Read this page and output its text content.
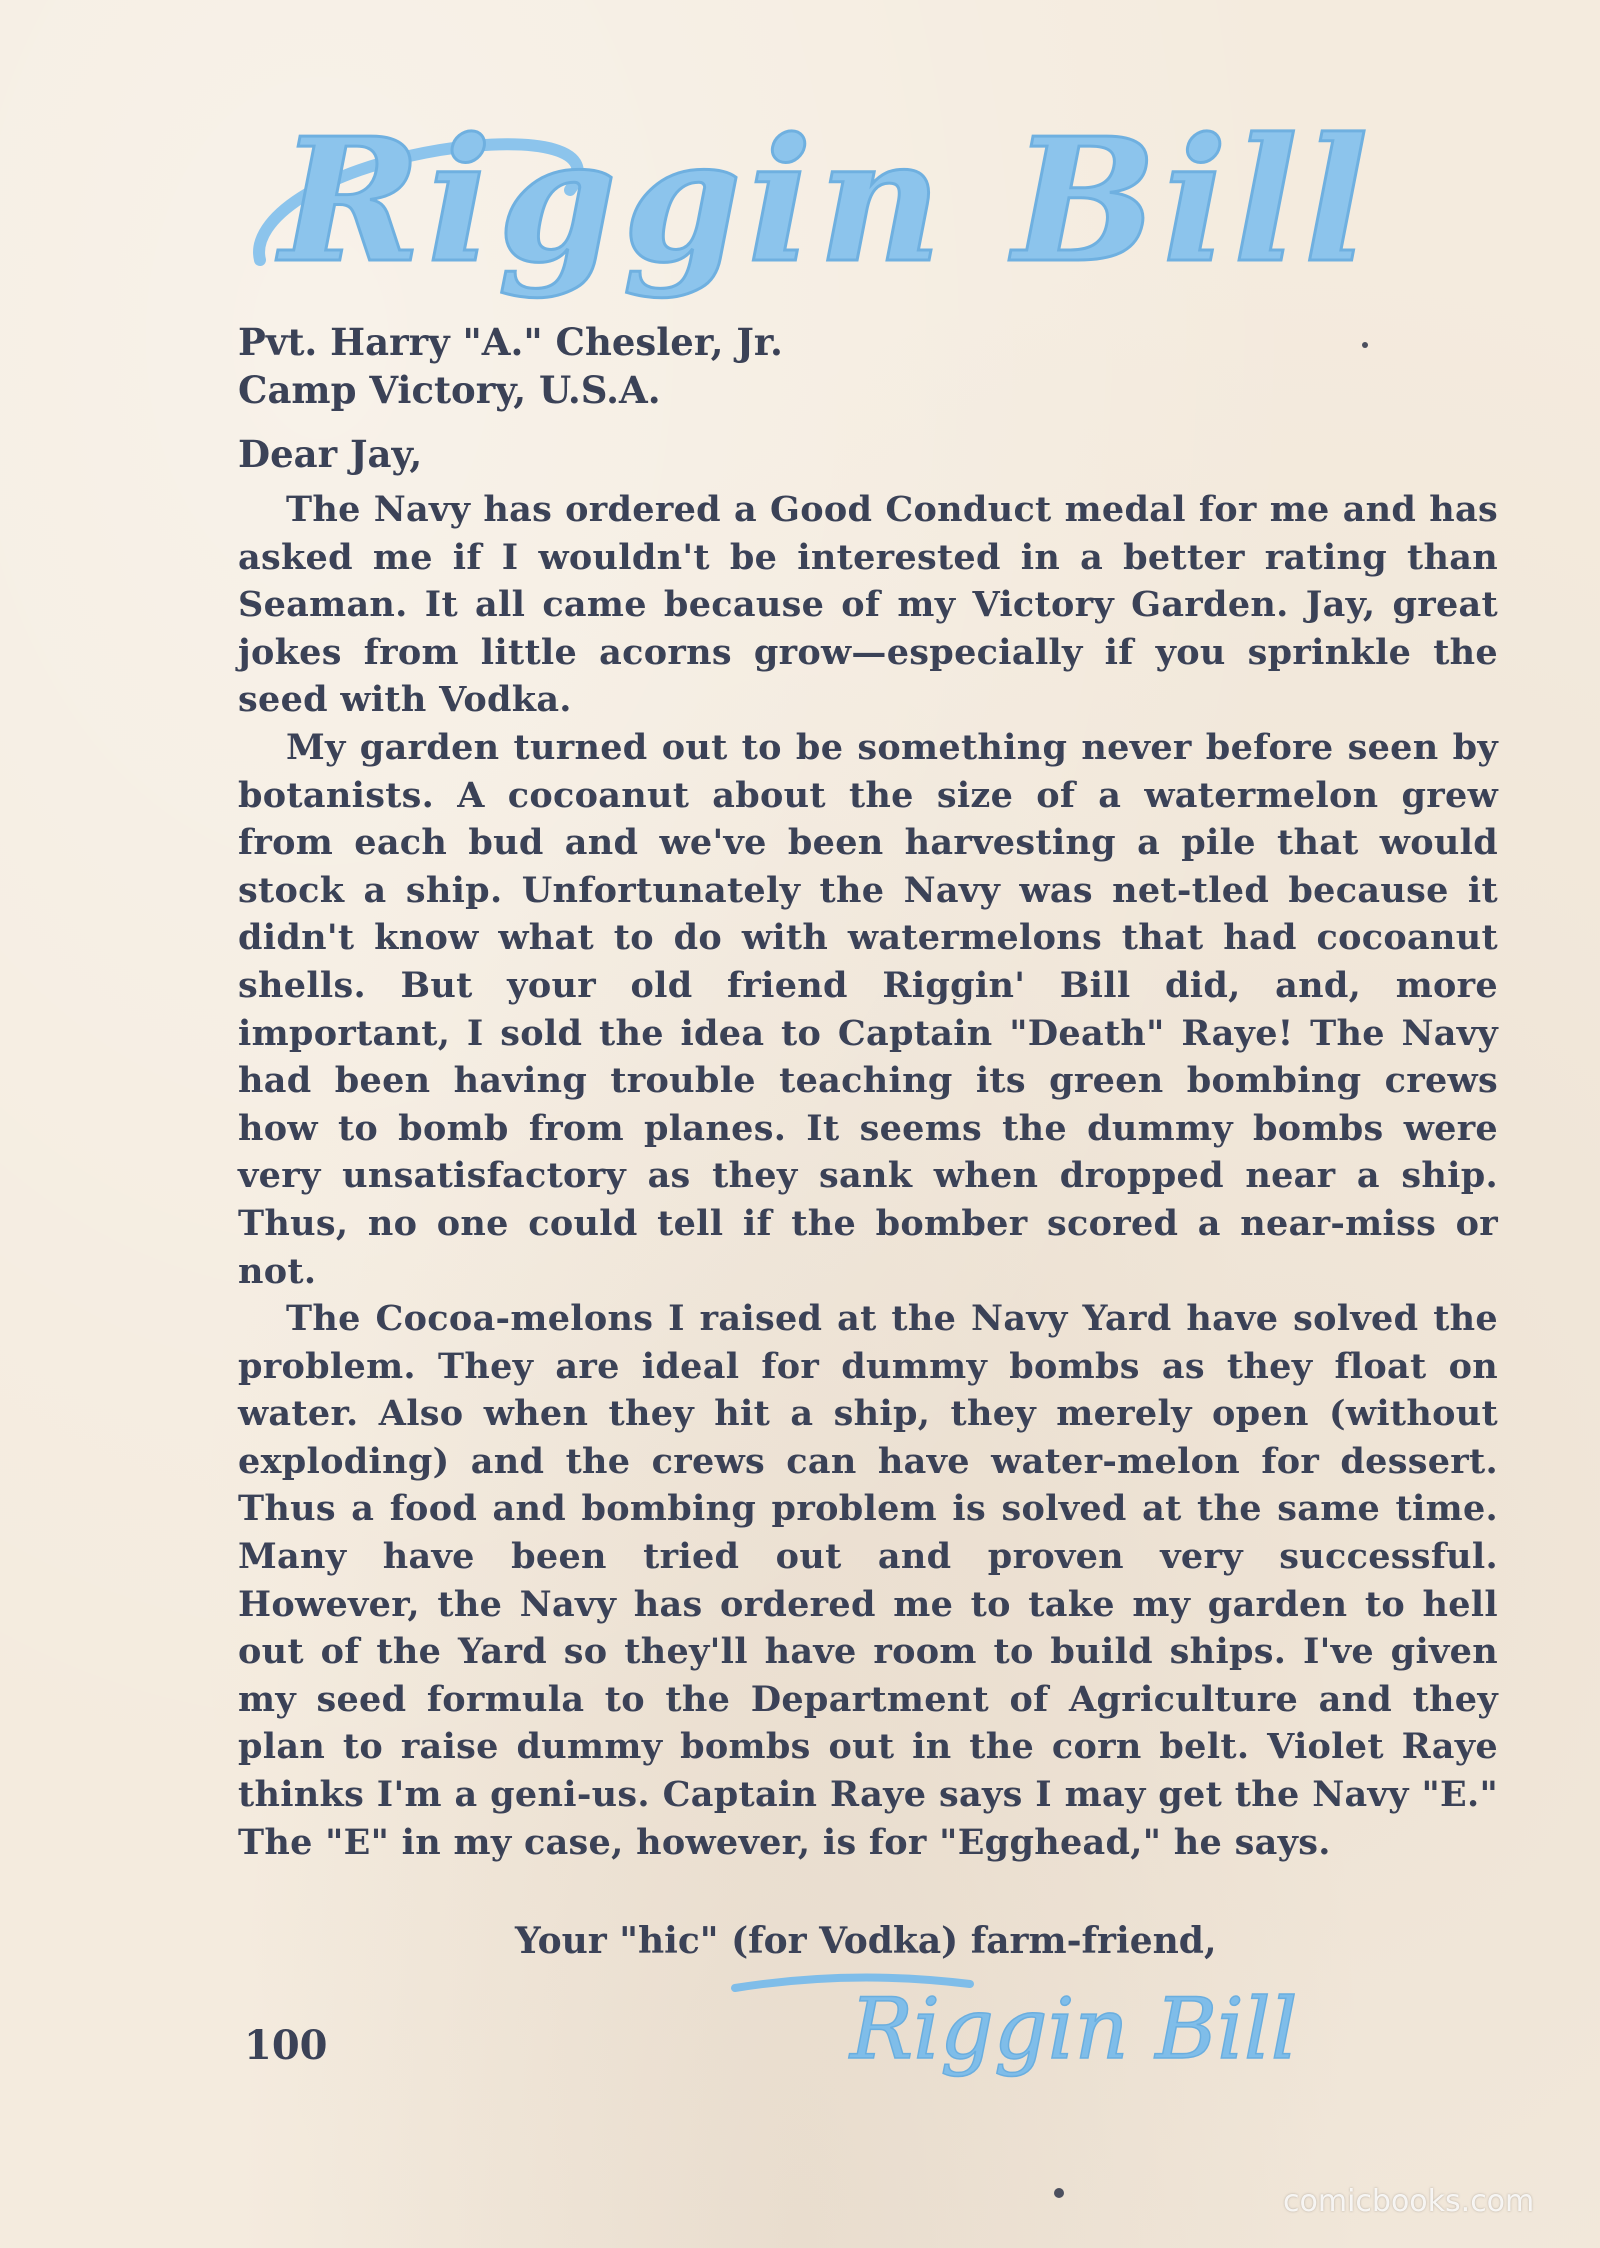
Riggin Bill
Pvt. Harry "A." Chesler, Jr.
Camp Victory, U.S.A.
Dear Jay,

The Navy has ordered a Good Conduct medal for me and has asked me if I wouldn't be interested in a better rating than Seaman. It all came because of my Victory Garden. Jay, great jokes from little acorns grow—especially if you sprinkle the seed with Vodka.

My garden turned out to be something never before seen by botanists. A cocoanut about the size of a watermelon grew from each bud and we've been harvesting a pile that would stock a ship. Unfortunately the Navy was net-tled because it didn't know what to do with watermelons that had cocoanut shells. But your old friend Riggin' Bill did, and, more important, I sold the idea to Captain "Death" Raye! The Navy had been having trouble teaching its green bombing crews how to bomb from planes. It seems the dummy bombs were very unsatisfactory as they sank when dropped near a ship. Thus, no one could tell if the bomber scored a near-miss or not.

The Cocoa-melons I raised at the Navy Yard have solved the problem. They are ideal for dummy bombs as they float on water. Also when they hit a ship, they merely open (without exploding) and the crews can have water-melon for dessert. Thus a food and bombing problem is solved at the same time. Many have been tried out and proven very successful. However, the Navy has ordered me to take my garden to hell out of the Yard so they'll have room to build ships. I've given my seed formula to the Department of Agriculture and they plan to raise dummy bombs out in the corn belt. Violet Raye thinks I'm a geni-us. Captain Raye says I may get the Navy "E." The "E" in my case, however, is for "Egghead," he says.

Your "hic" (for Vodka) farm-friend,
Riggin Bill
100
comicbooks.com
